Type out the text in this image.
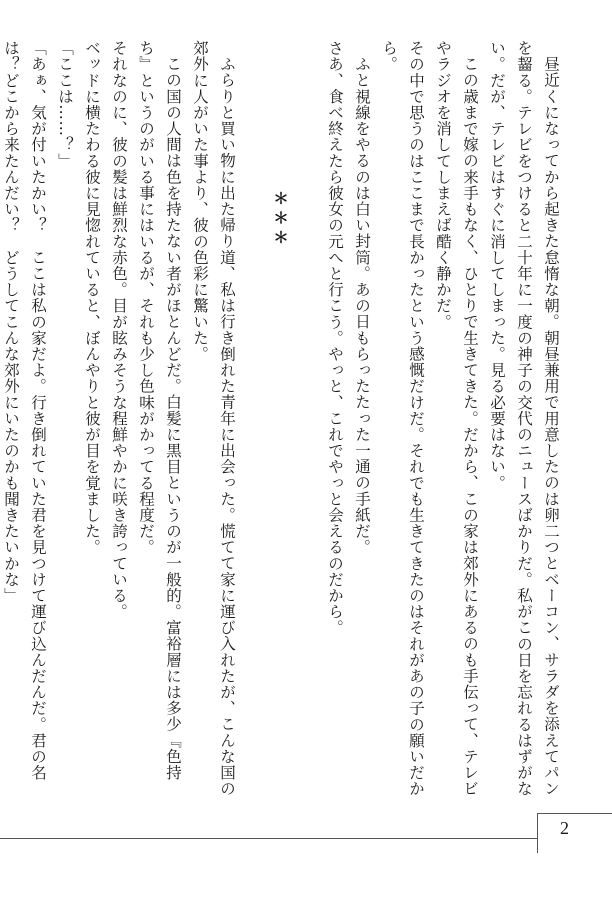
昼近くになってから起きた怠惰な朝。朝昼兼用で用意したのは卵二つとベーコン、サラダを添えてパンを齧る。テレビをつけると二十年に一度の神子の交代のニュースばかりだ。私がこの日を忘れるはずがない。だが、テレビはすぐに消してしまった。見る必要はない。

この歳まで嫁の来手もなく、ひとりで生きてきた。だから、この家は郊外にあるのも手伝って、テレビやラジオを消してしまえば酷く静かだ。

その中で思うのはここまで長かったという感慨だけだ。それでも生きてきたのはそれがあの子の願いだから。

ふと視線をやるのは白い封筒。あの日もらったたった一通の手紙だ。

さあ、食べ終えたら彼女の元へと行こう。やっと、これでやっと会えるのだから。

＊＊＊

ふらりと買い物に出た帰り道、私は行き倒れた青年に出会った。慌てて家に運び入れたが、こんな国の郊外に人がいた事より、彼の色彩に驚いた。

この国の人間は色を持たない者がほとんどだ。白髪に黒目というのが一般的。富裕層には多少『色持ち』というのがいる事にはいるが、それも少し色味がかってる程度だ。

それなのに、彼の髪は鮮烈な赤色。目が眩みそうな程鮮やかに咲き誇っている。

ベッドに横たわる彼に見惚れていると、ぼんやりと彼が目を覚ました。

「ここは……？」

「あぁ、気が付いたかい？　ここは私の家だよ。行き倒れていた君を見つけて運び込んだんだ。君の名は？どこから来たんだい？　どうしてこんな郊外にいたのかも聞きたいかな」

2
